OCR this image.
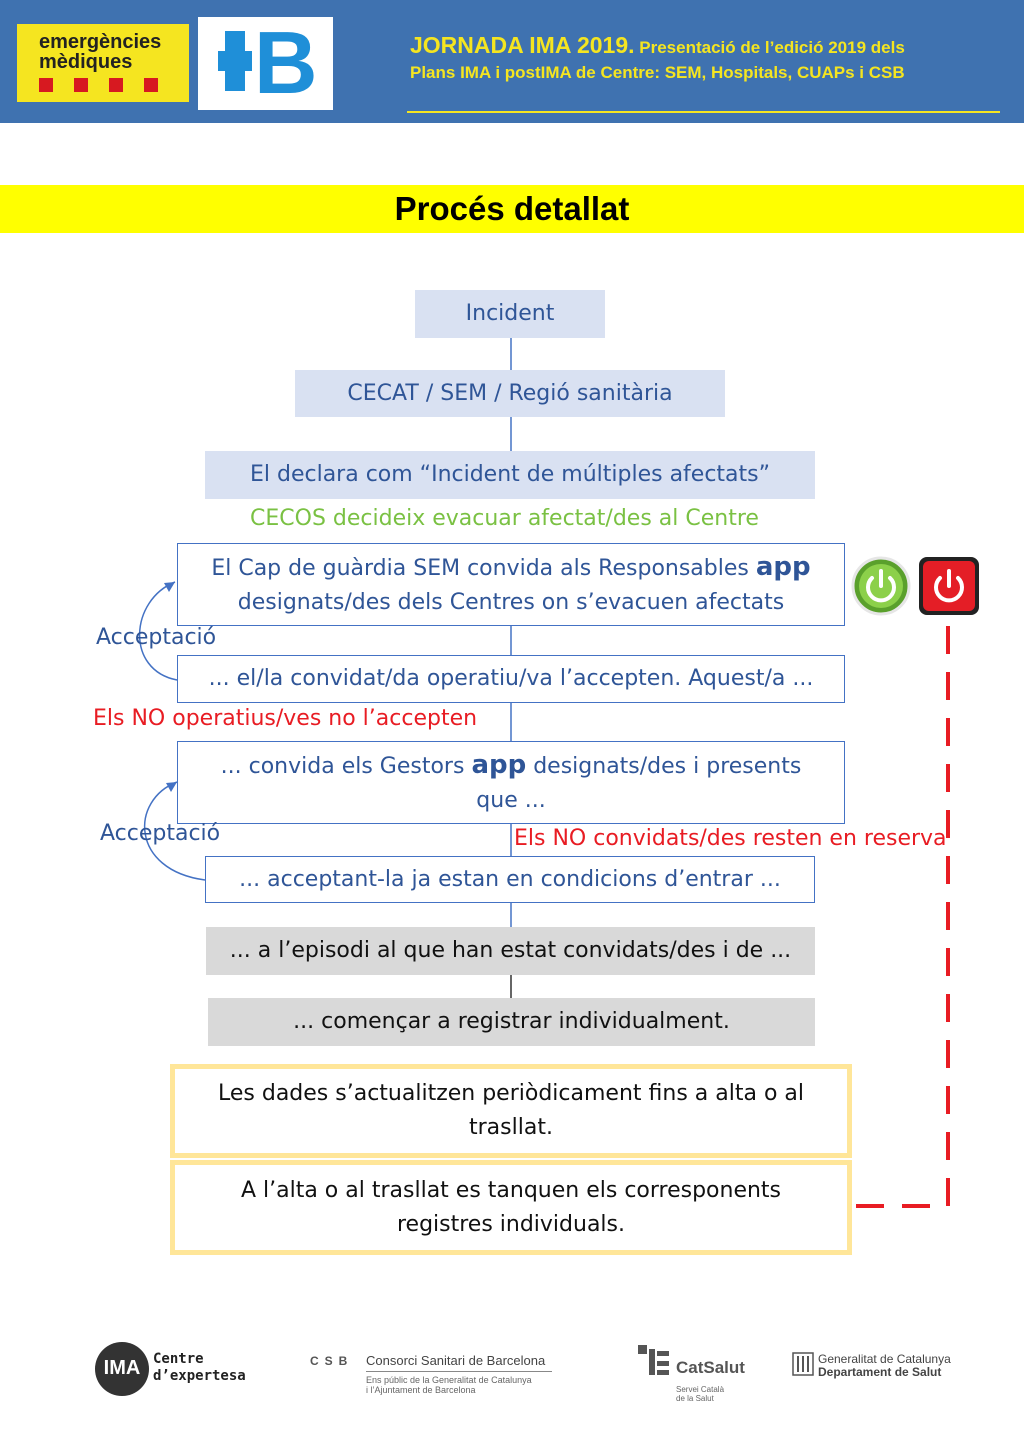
emergències
mèdiques B	JORNADA IMA 2019. Presentació de l’edició 2019 dels
Plans IMA i postIMA de Centre: SEM, Hospitals, CUAPs i CSB
Procés detallat
Incident
CECAT / SEM / Regió sanitària
El declara com “Incident de múltiples afectats”
CECOS decideix evacuar afectat/des al Centre
El Cap de guàrdia SEM convida als Responsables app
designats/des dels Centres on s’evacuen afectats
Acceptació
... el/la convidat/da operatiu/va l’accepten. Aquest/a ...
Els NO operatius/ves no l’accepten
... convida els Gestors app designats/des i presents
que ...
Acceptació	Els NO convidats/des resten en reserva
... acceptant-la ja estan en condicions d’entrar ...
... a l’episodi al que han estat convidats/des i de ...
... començar a registrar individualment.
Les dades s’actualitzen periòdicament fins a alta o al
trasllat.
A l’alta o al trasllat es tanquen els corresponents
registres individuals.
IMA Centre
d’expertesa
CSB Consorci Sanitari de Barcelona
Ens públic de la Generalitat de Catalunya
i l’Ajuntament de Barcelona
CatSalut
Servei Català
de la Salut
Generalitat de Catalunya
Departament de Salut
